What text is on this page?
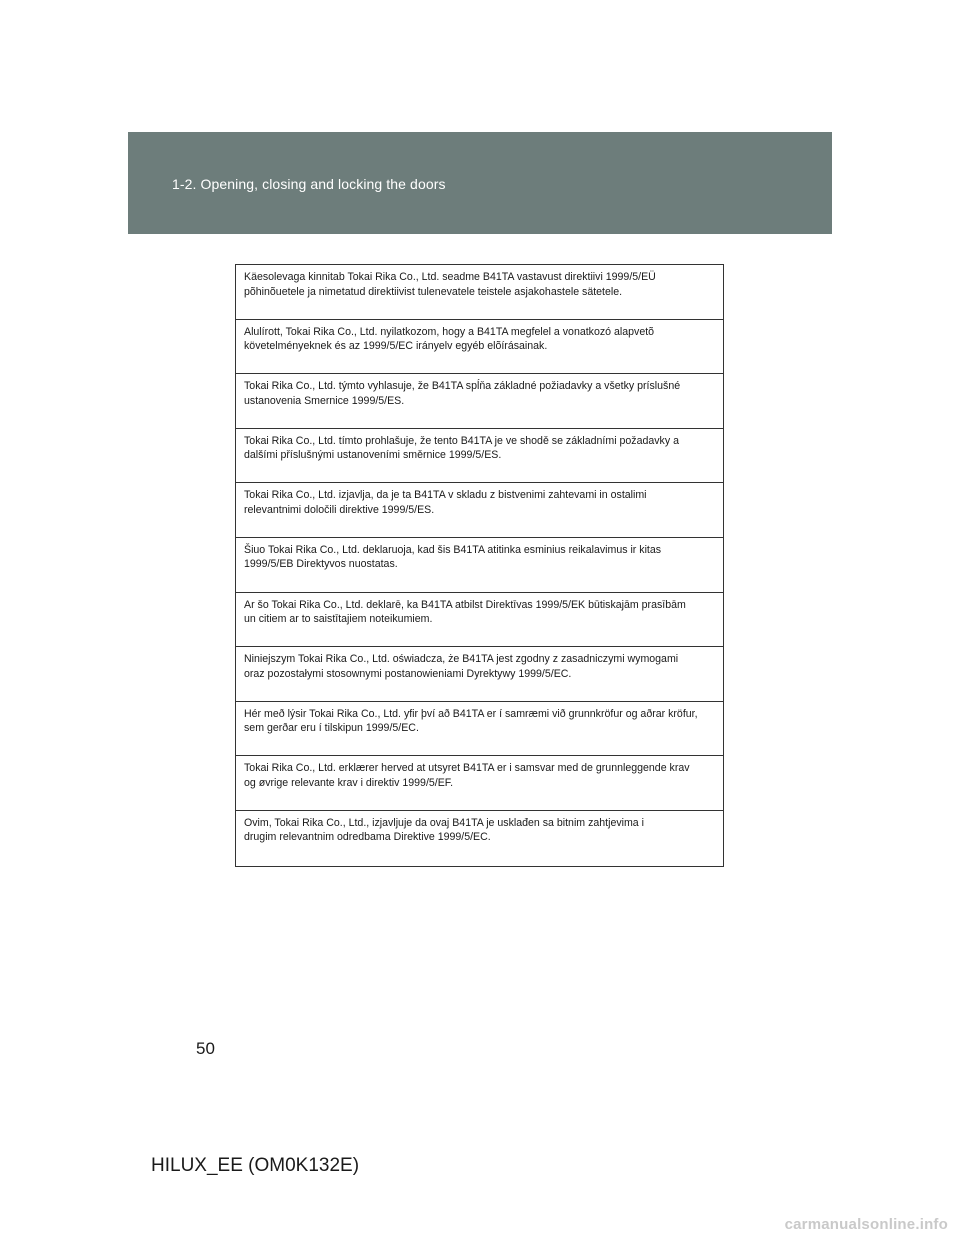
1-2. Opening, closing and locking the doors
Käesolevaga kinnitab Tokai Rika Co., Ltd. seadme B41TA vastavust direktiivi 1999/5/EÜ
põhinõuetele ja nimetatud direktiivist tulenevatele teistele asjakohastele sätetele.
Alulírott, Tokai Rika Co., Ltd. nyilatkozom, hogy a B41TA megfelel a vonatkozó alapvetõ
követelményeknek és az 1999/5/EC irányelv egyéb elõírásainak.
Tokai Rika Co., Ltd. týmto vyhlasuje, že B41TA spĺňa základné požiadavky a všetky príslušné
ustanovenia Smernice 1999/5/ES.
Tokai Rika Co., Ltd. tímto prohlašuje, že tento B41TA je ve shodě se základními požadavky a
dalšími příslušnými ustanoveními směrnice 1999/5/ES.
Tokai Rika Co., Ltd. izjavlja, da je ta B41TA v skladu z bistvenimi zahtevami in ostalimi
relevantnimi določili direktive 1999/5/ES.
Šiuo Tokai Rika Co., Ltd. deklaruoja, kad šis B41TA atitinka esminius reikalavimus ir kitas
1999/5/EB Direktyvos nuostatas.
Ar šo Tokai Rika Co., Ltd. deklarē, ka B41TA atbilst Direktīvas 1999/5/EK būtiskajām prasībām
un citiem ar to saistītajiem noteikumiem.
Niniejszym Tokai Rika Co., Ltd. oświadcza, że B41TA jest zgodny z zasadniczymi wymogami
oraz pozostałymi stosownymi postanowieniami Dyrektywy 1999/5/EC.
Hér með lýsir Tokai Rika Co., Ltd. yfir því að B41TA er í samræmi við grunnkröfur og aðrar kröfur,
sem gerðar eru í tilskipun 1999/5/EC.
Tokai Rika Co., Ltd. erklærer herved at utsyret B41TA er i samsvar med de grunnleggende krav
og øvrige relevante krav i direktiv 1999/5/EF.
Ovim, Tokai Rika Co., Ltd., izjavljuje da ovaj B41TA je usklađen sa bitnim zahtjevima i
drugim relevantnim odredbama Direktive 1999/5/EC.
50
HILUX_EE (OM0K132E)
carmanualsonline.info
